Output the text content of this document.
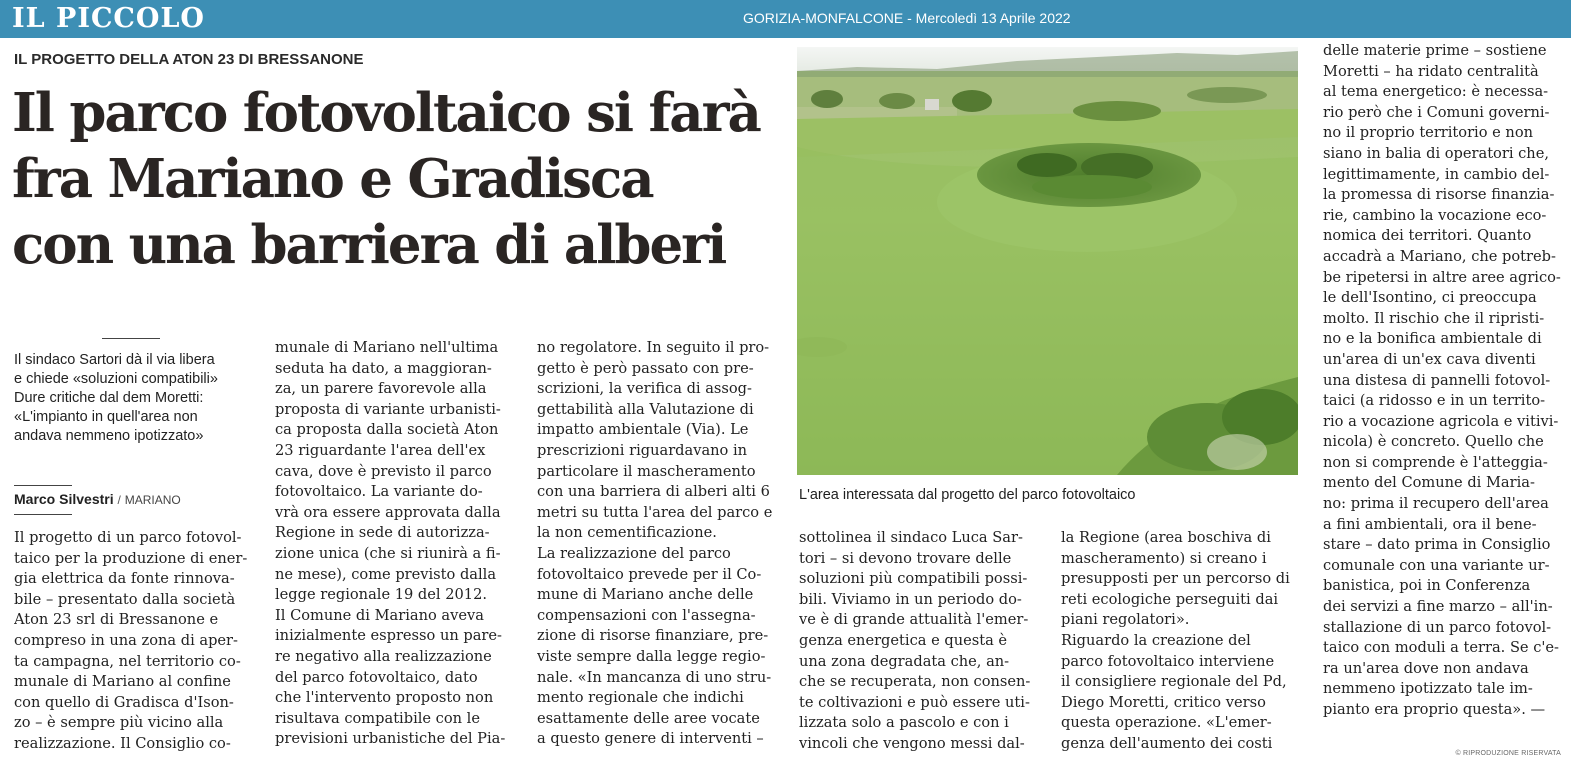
IL PICCOLO	GORIZIA-MONFALCONE - Mercoledì 13 Aprile 2022
IL PROGETTO DELLA ATON 23 DI BRESSANONE
Il parco fotovoltaico si farà
fra Mariano e Gradisca
con una barriera di alberi
Il sindaco Sartori dà il via libera
e chiede «soluzioni compatibili»
Dure critiche dal dem Moretti:
«L'impianto in quell'area non
andava nemmeno ipotizzato»
Marco Silvestri / MARIANO
Il progetto di un parco fotovol-
taico per la produzione di ener-
gia elettrica da fonte rinnova-
bile – presentato dalla società
Aton 23 srl di Bressanone e
compreso in una zona di aper-
ta campagna, nel territorio co-
munale di Mariano al confine
con quello di Gradisca d'Ison-
zo – è sempre più vicino alla
realizzazione. Il Consiglio co-
munale di Mariano nell'ultima
seduta ha dato, a maggioran-
za, un parere favorevole alla
proposta di variante urbanisti-
ca proposta dalla società Aton
23 riguardante l'area dell'ex
cava, dove è previsto il parco
fotovoltaico. La variante do-
vrà ora essere approvata dalla
Regione in sede di autorizza-
zione unica (che si riunirà a fi-
ne mese), come previsto dalla
legge regionale 19 del 2012.
Il Comune di Mariano aveva
inizialmente espresso un pare-
re negativo alla realizzazione
del parco fotovoltaico, dato
che l'intervento proposto non
risultava compatibile con le
previsioni urbanistiche del Pia-
no regolatore. In seguito il pro-
getto è però passato con pre-
scrizioni, la verifica di assog-
gettabilità alla Valutazione di
impatto ambientale (Via). Le
prescrizioni riguardavano in
particolare il mascheramento
con una barriera di alberi alti 6
metri su tutta l'area del parco e
la non cementificazione.
La realizzazione del parco
fotovoltaico prevede per il Co-
mune di Mariano anche delle
compensazioni con l'assegna-
zione di risorse finanziare, pre-
viste sempre dalla legge regio-
nale. «In mancanza di uno stru-
mento regionale che indichi
esattamente delle aree vocate
a questo genere di interventi –
sottolinea il sindaco Luca Sar-
tori – si devono trovare delle
soluzioni più compatibili possi-
bili. Viviamo in un periodo do-
ve è di grande attualità l'emer-
genza energetica e questa è
una zona degradata che, an-
che se recuperata, non consen-
te coltivazioni e può essere uti-
lizzata solo a pascolo e con i
vincoli che vengono messi dal-
la Regione (area boschiva di
mascheramento) si creano i
presupposti per un percorso di
reti ecologiche perseguiti dai
piani regolatori».
Riguardo la creazione del
parco fotovoltaico interviene
il consigliere regionale del Pd,
Diego Moretti, critico verso
questa operazione. «L'emer-
genza dell'aumento dei costi
delle materie prime – sostiene
Moretti – ha ridato centralità
al tema energetico: è necessa-
rio però che i Comuni governi-
no il proprio territorio e non
siano in balia di operatori che,
legittimamente, in cambio del-
la promessa di risorse finanzia-
rie, cambino la vocazione eco-
nomica dei territori. Quanto
accadrà a Mariano, che potreb-
be ripetersi in altre aree agrico-
le dell'Isontino, ci preoccupa
molto. Il rischio che il ripristi-
no e la bonifica ambientale di
un'area di un'ex cava diventi
una distesa di pannelli fotovol-
taici (a ridosso e in un territo-
rio a vocazione agricola e vitivi-
nicola) è concreto. Quello che
non si comprende è l'atteggia-
mento del Comune di Maria-
no: prima il recupero dell'area
a fini ambientali, ora il bene-
stare – dato prima in Consiglio
comunale con una variante ur-
banistica, poi in Conferenza
dei servizi a fine marzo – all'in-
stallazione di un parco fotovol-
taico con moduli a terra. Se c'e-
ra un'area dove non andava
nemmeno ipotizzato tale im-
pianto era proprio questa». —
L'area interessata dal progetto del parco fotovoltaico
© RIPRODUZIONE RISERVATA
